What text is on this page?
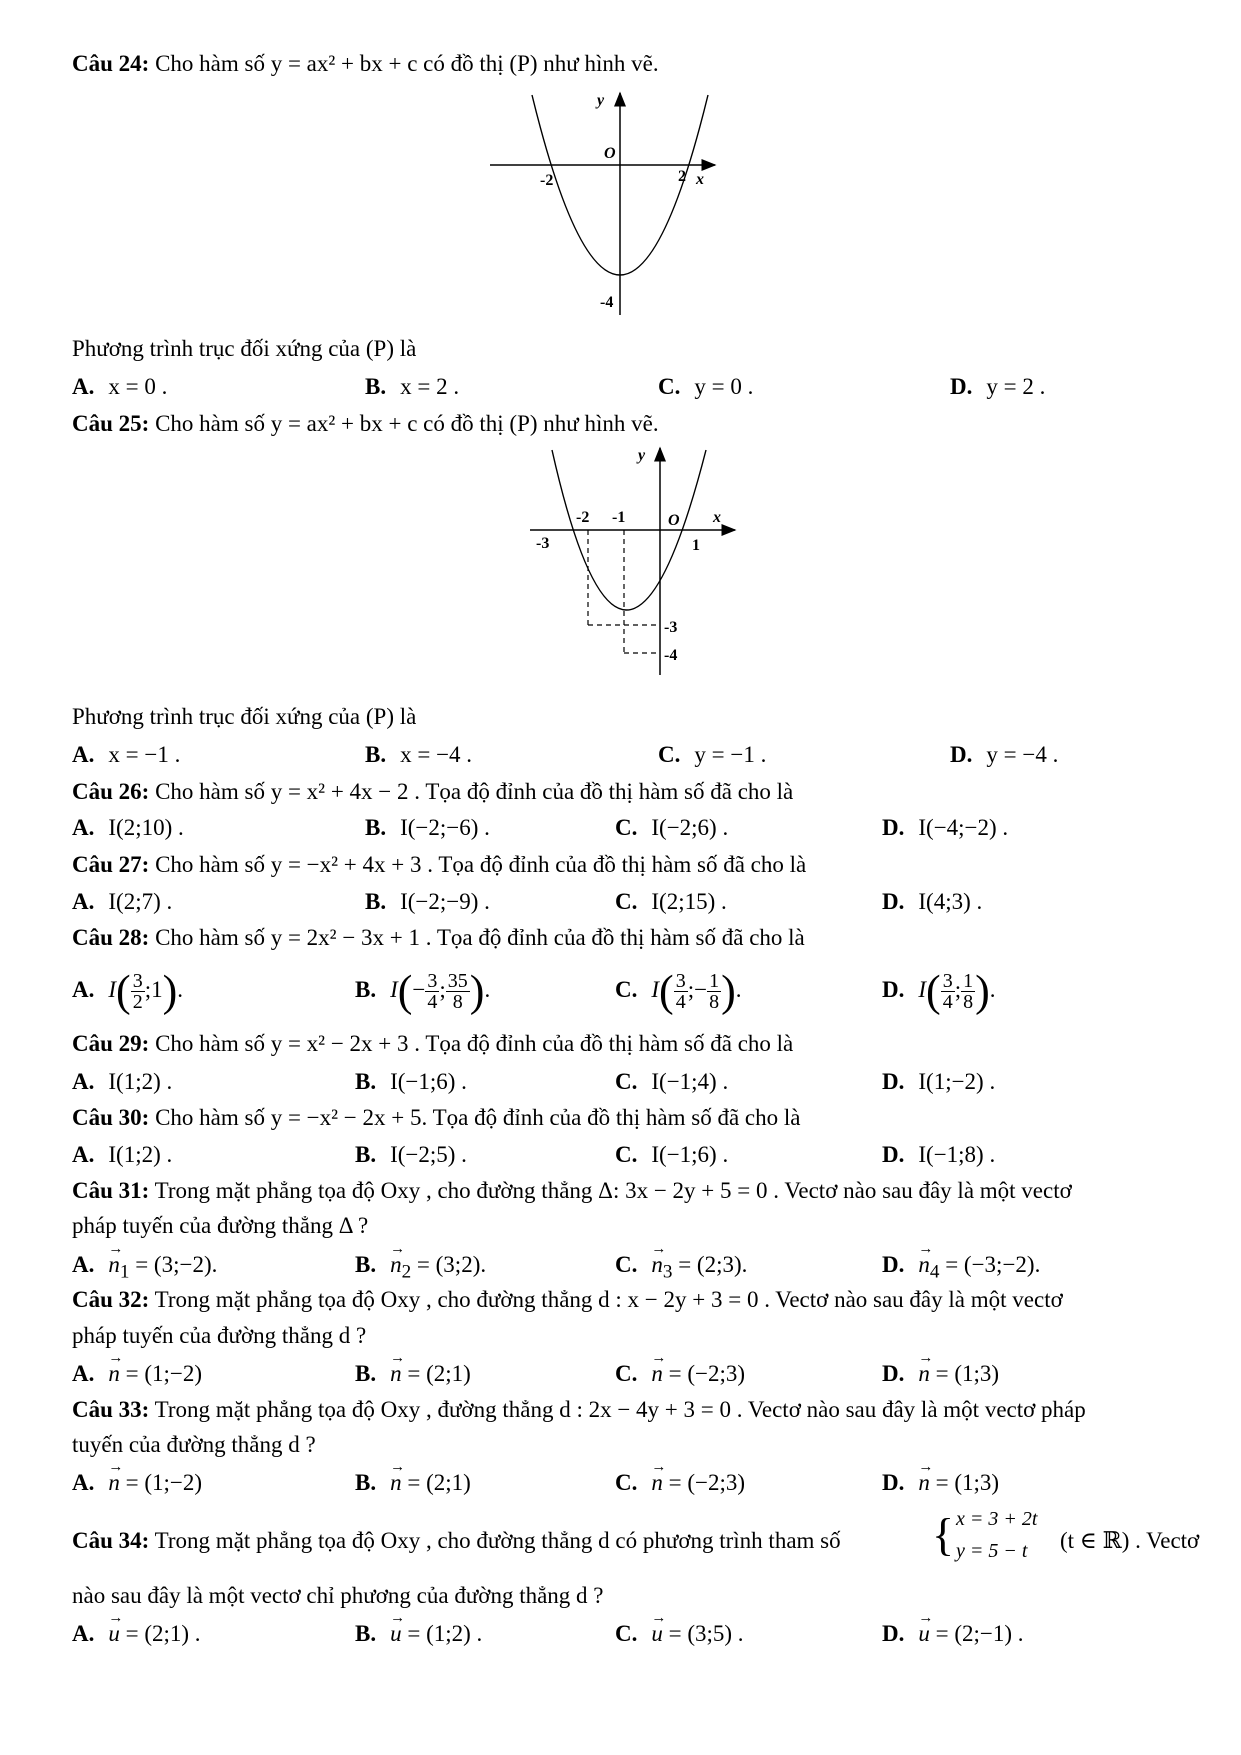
Câu 24: Cho hàm số y = ax² + bx + c có đồ thị (P) như hình vẽ.
y
O
-2	2 x
-4
Phương trình trục đối xứng của (P) là
A. x = 0 .	B. x = 2 .	C. y = 0 .	D. y = 2 .
Câu 25: Cho hàm số y = ax² + bx + c có đồ thị (P) như hình vẽ.
y
O x
-3
-2 -1
1
-3
-4
Phương trình trục đối xứng của (P) là
A. x = −1 .	B. x = −4 .	C. y = −1 .	D. y = −4 .
Câu 26: Cho hàm số y = x² + 4x − 2 . Tọa độ đỉnh của đồ thị hàm số đã cho là
A. I(2;10) .	B. I(−2;−6) .	C. I(−2;6) .	D. I(−4;−2) .
Câu 27: Cho hàm số y = −x² + 4x + 3 . Tọa độ đỉnh của đồ thị hàm số đã cho là
A. I(2;7) .	B. I(−2;−9) .	C. I(2;15) .	D. I(4;3) .
Câu 28: Cho hàm số y = 2x² − 3x + 1 . Tọa độ đỉnh của đồ thị hàm số đã cho là
A. $I( \frac{3}{2}$ ;1).	B. $I(- \frac{3}{4}$ ; $\frac{35}{8}$ ).	C. $I( \frac{3}{4}$ ;− $\frac{1}{8}$ ).	D. $I( \frac{3}{4}$ ; $\frac{1}{8}$ ).
Câu 29: Cho hàm số y = x² − 2x + 3 . Tọa độ đỉnh của đồ thị hàm số đã cho là
A. I(1;2) .	B. I(−1;6) .	C. I(−1;4) .	D. I(1;−2) .
Câu 30: Cho hàm số y = −x² − 2x + 5. Tọa độ đỉnh của đồ thị hàm số đã cho là
A. I(1;2) .	B. I(−2;5) .	C. I(−1;6) .	D. I(−1;8) .
Câu 31: Trong mặt phẳng tọa độ Oxy , cho đường thẳng Δ: 3x − 2y + 5 = 0 . Vectơ nào sau đây là một vectơ
pháp tuyến của đường thẳng Δ ?
$A.\to n_1$ = (3;−2).	$B.\to n_2$ = (3;2).	$C.\to n_3$ = (2;3).	$D.\to n_4$ = (−3;−2).
Câu 32: Trong mặt phẳng tọa độ Oxy , cho đường thẳng d : x − 2y + 3 = 0 . Vectơ nào sau đây là một vectơ
pháp tuyến của đường thẳng d ?
A.→ n = (1;−2)	B.→ n = (2;1)	C.→ n = (−2;3)	D.→ n = (1;3)
Câu 33: Trong mặt phẳng tọa độ Oxy , đường thẳng d : 2x − 4y + 3 = 0 . Vectơ nào sau đây là một vectơ pháp
tuyến của đường thẳng d ?
A.→ n = (1;−2)	B.→ n = (2;1)	C.→ n = (−2;3)	D.→ n = (1;3)
Câu 34: Trong mặt phẳng tọa độ Oxy , cho đường thẳng d có phương trình tham số { x = 3 + 2t
y = 5 − t (t ∈ ℝ) . Vectơ
nào sau đây là một vectơ chỉ phương của đường thẳng d ?
A.→ u = (2;1) .	B.→ u = (1;2) .	C.→ u = (3;5) .	D.→ u = (2;−1) .
